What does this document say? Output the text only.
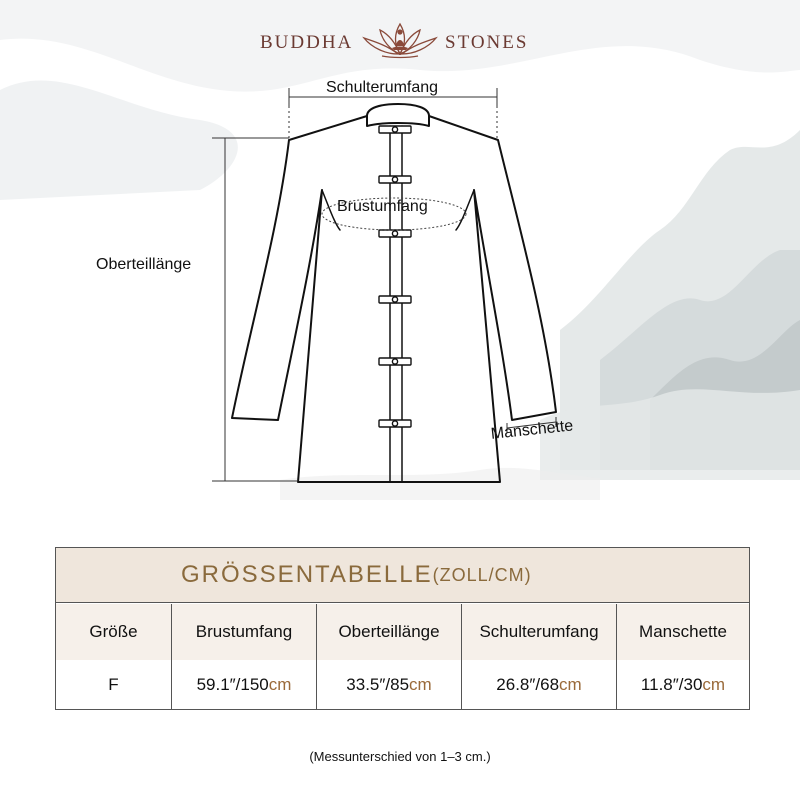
BUDDHA	STONES
Schulterumfang
Brustumfang
Oberteillänge
Manschette
GRÖSSENTABELLE (ZOLL/CM)
Größe	Brustumfang	Oberteillänge	Schulterumfang	Manschette
F	59.1″/150 cm	33.5″/85 cm	26.8″/68 cm	11.8″/30 cm
(Messunterschied von 1–3 cm.)
